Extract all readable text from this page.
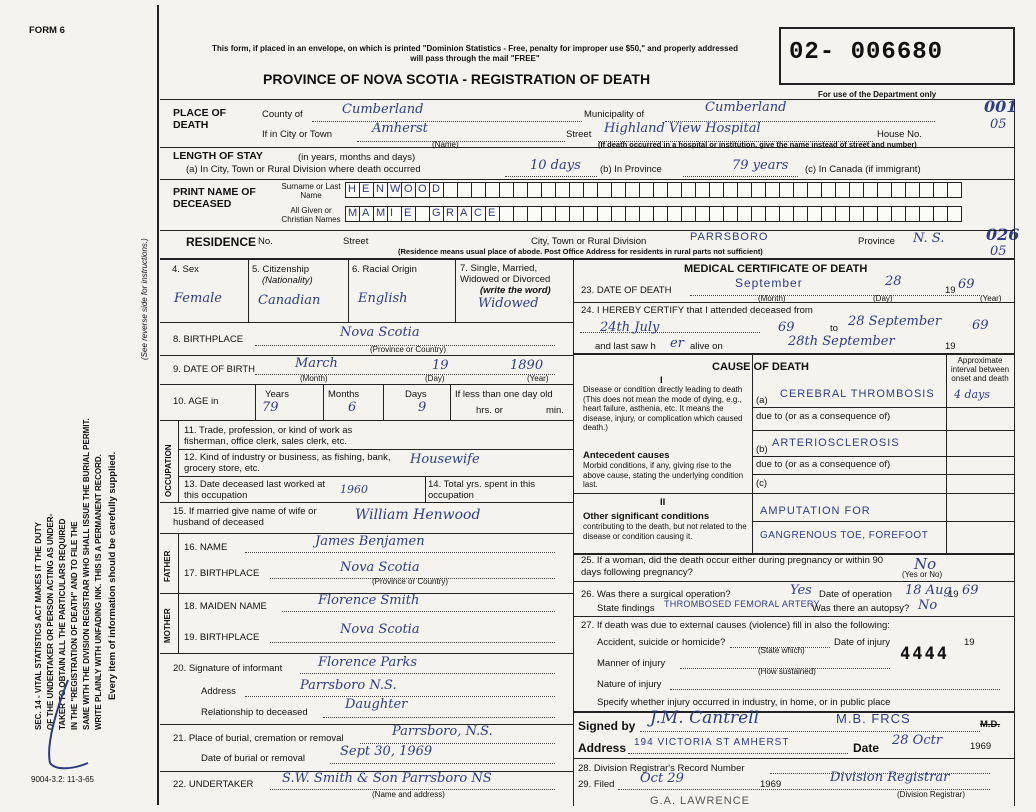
FORM 6
This form, if placed in an envelope, on which is printed "Dominion Statistics - Free, penalty for improper use $50," and properly addressed will pass through the mail "FREE"
PROVINCE OF NOVA SCOTIA - REGISTRATION OF DEATH
02- 006680
For use of the Department only
001
05
026
05
SEC. 14 - VITAL STATISTICS ACT MAKES IT THE DUTY OF THE UNDERTAKER OR PERSON ACTING AS UNDER- TAKER TO OBTAIN ALL THE PARTICULARS REQUIRED IN THE "REGISTRATION OF DEATH" AND TO FILE THE SAME WITH THE DIVISION REGISTRAR WHO SHALL ISSUE THE BURIAL PERMIT. WRITE PLAINLY WITH UNFADING INK. THIS IS A PERMANENT RECORD. Every item of information should be carefully supplied.
(See reverse side for instructions.)
9004-3.2: 11-3-65
PLACE OF DEATH
County of	Cumberland	Municipality of	Cumberland
If in City or Town	Amherst
(Name)
Street Highland View Hospital	House No.
(If death occurred in a hospital or institution, give the name instead of street and number)
LENGTH OF STAY	(in years, months and days)
(a) In City, Town or Rural Division where death occurred	10 days (b) In Province	79 years (c) In Canada (if immigrant)
PRINT NAME OF DECEASED
Surname or Last Name
All Given or Christian Names
H E N W O O D
M A M I E G R A C E
RESIDENCE No.	Street	City, Town or Rural Division	PARRSBORO	Province N. S.
(Residence means usual place of abode. Post Office Address for residents in rural parts not sufficient)
4. Sex
Female
5. Citizenship
(Nationality)
Canadian
6. Racial Origin
English
7. Single, Married, Widowed or Divorced
(write the word)
Widowed
8. BIRTHPLACE	Nova Scotia
(Province or Country)
9. DATE OF BIRTH	March	19	1890
(Month)	(Day)	(Year)
10. AGE in
Years
79
Months
6
Days
9
If less than one day old
hrs. or	min.
OCCUPATION
11. Trade, profession, or kind of work as fisherman, office clerk, sales clerk, etc.
12. Kind of industry or business, as fishing, bank, grocery store, etc.
Housewife
13. Date deceased last worked at this occupation	1960	14. Total yrs. spent in this occupation
15. If married give name of wife or husband of deceased	William Henwood
FATHER
16. NAME	James Benjamen
17. BIRTHPLACE	Nova Scotia
(Province or Country)
MOTHER
18. MAIDEN NAME	Florence Smith
19. BIRTHPLACE
Nova Scotia
20. Signature of informant	Florence Parks
Address	Parrsboro N.S.
Relationship to deceased
Daughter
21. Place of burial, cremation or removal	Parrsboro, N.S.
Date of burial or removal	Sept 30, 1969
22. UNDERTAKER S.W. Smith & Son Parrsboro NS
(Name and address)
MEDICAL CERTIFICATE OF DEATH
23. DATE OF DEATH
September	28
19 69
(Month)	(Day)	(Year)
24. I HEREBY CERTIFY that I attended deceased from
24th July	69	to 28 September 69
and last saw h er alive on	28th September	19
CAUSE OF DEATH
Approximate interval between onset and death
I
Disease or condition directly leading to death (This does not mean the mode of dying, e.g., heart failure, asthenia, etc. It means the disease, injury, or complication which caused death.)
(a)
CEREBRAL THROMBOSIS 4 days
due to (or as a consequence of)
Antecedent causes
Morbid conditions, if any, giving rise to the above cause, stating the underlying condition last.
(b)
ARTERIOSCLEROSIS
due to (or as a consequence of)
(c)
II
Other significant conditions
contributing to the death, but not related to the disease or condition causing it.
AMPUTATION FOR
GANGRENOUS TOE, FOREFOOT
25. If a woman, did the death occur either during pregnancy or within 90 days following pregnancy?	No
(Yes or No)
26. Was there a surgical operation?	Yes Date of operation 18 Aug
19 69
State findings THROMBOSED FEMORAL ARTERY
Was there an autopsy? No
27. If death was due to external causes (violence) fill in also the following:
Accident, suicide or homicide?
(State which)
Date of injury	19
Manner of injury
(How sustained)
4444
Nature of injury
Specify whether injury occurred in industry, in home, or in public place
Signed by J.M. Cantrell	M.B. FRCS	M.D.
Address 194 VICTORIA ST AMHERST	Date 28 Octr	1969
28. Division Registrar's Record Number
29. Filed Oct 29	1969	Division Registrar
(Division Registrar)
G.A. LAWRENCE
